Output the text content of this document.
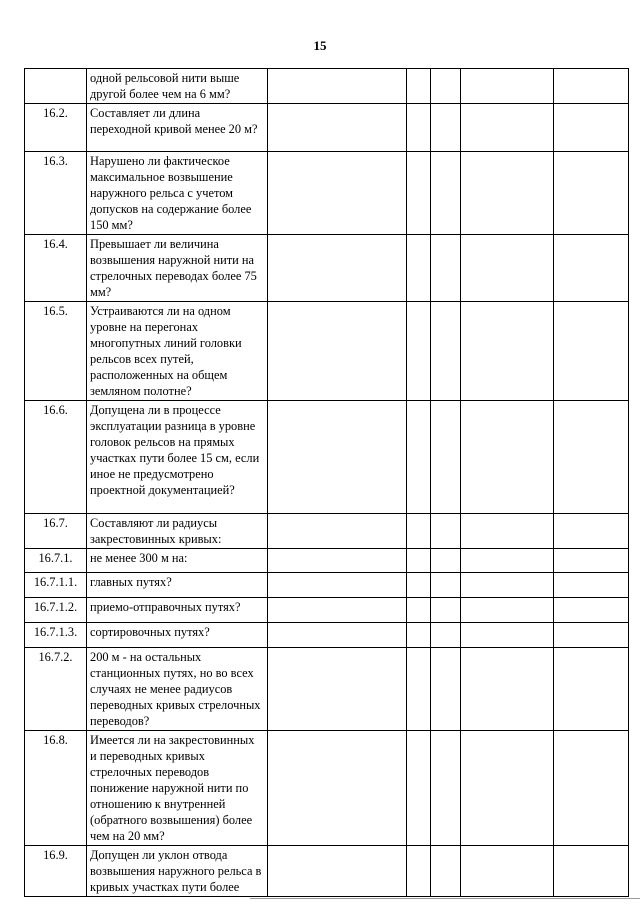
15
	одной рельсовой нити выше другой более чем на 6 мм?					
16.2.	Составляет ли длина переходной кривой менее 20 м?					
16.3.	Нарушено ли фактическое максимальное возвышение наружного рельса с учетом допусков на содержание более 150 мм?					
16.4.	Превышает ли величина возвышения наружной нити на стрелочных переводах более 75 мм?					
16.5.	Устраиваются ли на одном уровне на перегонах многопутных линий головки рельсов всех путей, расположенных на общем земляном полотне?					
16.6.	Допущена ли в процессе эксплуатации разница в уровне головок рельсов на прямых участках пути более 15 см, если иное не предусмотрено проектной документацией?					
16.7.	Составляют ли радиусы закрестовинных кривых:					
16.7.1.	не менее 300 м на:					
16.7.1.1.	главных путях?					
16.7.1.2.	приемо-отправочных путях?					
16.7.1.3.	сортировочных путях?					
16.7.2.	200 м - на остальных станционных путях, но во всех случаях не менее радиусов переводных кривых стрелочных переводов?					
16.8.	Имеется ли на закрестовинных и переводных кривых стрелочных переводов понижение наружной нити по отношению к внутренней (обратного возвышения) более чем на 20 мм?					
16.9.	Допущен ли уклон отвода возвышения наружного рельса в кривых участках пути более					
